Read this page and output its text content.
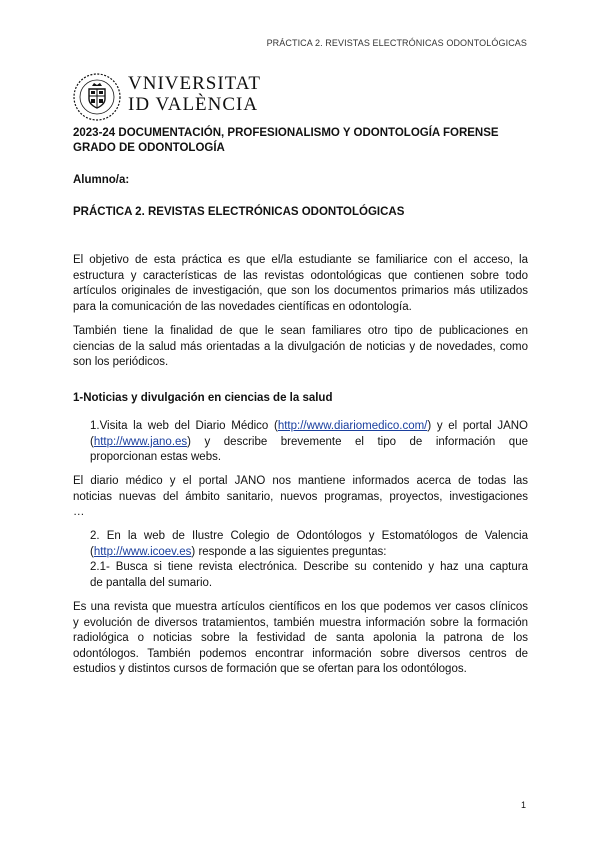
PRÁCTICA 2. REVISTAS ELECTRÓNICAS ODONTOLÓGICAS
VNIVERSITAT
ID VALÈNCIA
2023-24 DOCUMENTACIÓN, PROFESIONALISMO Y ODONTOLOGÍA FORENSE
GRADO DE ODONTOLOGÍA
Alumno/a:
PRÁCTICA 2. REVISTAS ELECTRÓNICAS ODONTOLÓGICAS
El objetivo de esta práctica es que el/la estudiante se familiarice con el acceso, la
estructura y características de las revistas odontológicas que contienen sobre todo
artículos originales de investigación, que son los documentos primarios más utilizados
para la comunicación de las novedades científicas en odontología.
También tiene la finalidad de que le sean familiares otro tipo de publicaciones en
ciencias de la salud más orientadas a la divulgación de noticias y de novedades, como
son los periódicos.
1-Noticias y divulgación en ciencias de la salud
1.Visita la web del Diario Médico (http://www.diariomedico.com/) y el portal JANO
(http://www.jano.es) y describe brevemente el tipo de información que
proporcionan estas webs.
El diario médico y el portal JANO nos mantiene informados acerca de todas las
noticias nuevas del ámbito sanitario, nuevos programas, proyectos, investigaciones
…
2. En la web de Ilustre Colegio de Odontólogos y Estomatólogos de Valencia
(http://www.icoev.es) responde a las siguientes preguntas:
2.1- Busca si tiene revista electrónica. Describe su contenido y haz una captura
de pantalla del sumario.
Es una revista que muestra artículos científicos en los que podemos ver casos clínicos
y evolución de diversos tratamientos, también muestra información sobre la formación
radiológica o noticias sobre la festividad de santa apolonia la patrona de los
odontólogos. También podemos encontrar información sobre diversos centros de
estudios y distintos cursos de formación que se ofertan para los odontólogos.
1
